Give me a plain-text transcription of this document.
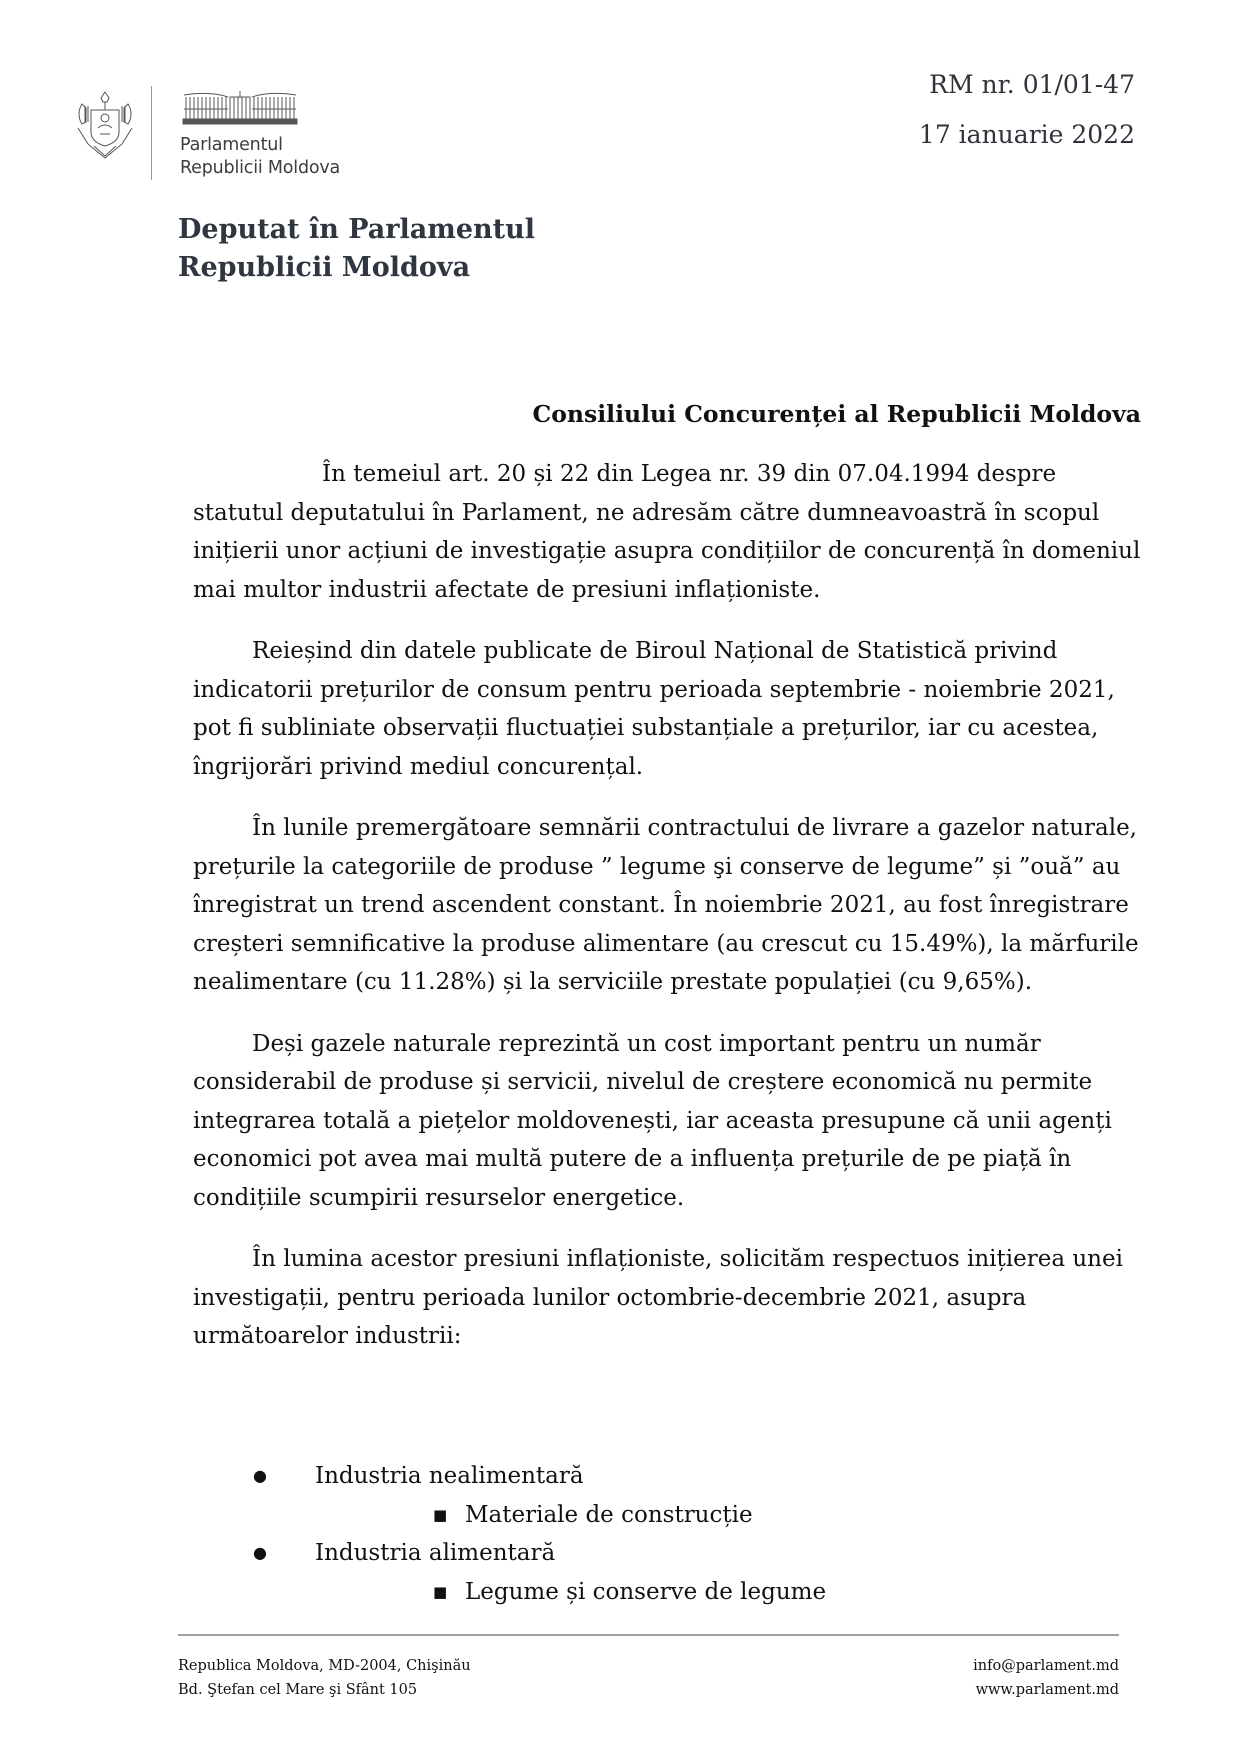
Parlamentul
Republicii Moldova
RM nr. 01/01-47
17 ianuarie 2022
Deputat în Parlamentul
Republicii Moldova
Consiliului Concurenței al Republicii Moldova

În temeiul art. 20 și 22 din Legea nr. 39 din 07.04.1994 despre statutul deputatului în Parlament, ne adresăm către dumneavoastră în scopul inițierii unor acțiuni de investigație asupra condițiilor de concurență în domeniul mai multor industrii afectate de presiuni inflaționiste.

Reieșind din datele publicate de Biroul Național de Statistică privind indicatorii prețurilor de consum pentru perioada septembrie - noiembrie 2021, pot fi subliniate observații fluctuației substanțiale a prețurilor, iar cu acestea, îngrijorări privind mediul concurențal.

În lunile premergătoare semnării contractului de livrare a gazelor naturale, prețurile la categoriile de produse ” legume şi conserve de legume” și ”ouă” au înregistrat un trend ascendent constant. În noiembrie 2021, au fost înregistrare creșteri semnificative la produse alimentare (au crescut cu 15.49%), la mărfurile nealimentare (cu 11.28%) și la serviciile prestate populației (cu 9,65%).

Deși gazele naturale reprezintă un cost important pentru un număr considerabil de produse și servicii, nivelul de creștere economică nu permite integrarea totală a piețelor moldovenești, iar aceasta presupune că unii agenți economici pot avea mai multă putere de a influența prețurile de pe piață în condițiile scumpirii resurselor energetice.

În lumina acestor presiuni inflaționiste, solicităm respectuos inițierea unei investigații, pentru perioada lunilor octombrie-decembrie 2021, asupra următoarelor industrii:

● Industria nealimentară
■ Materiale de construcție
● Industria alimentară
■ Legume și conserve de legume
Republica Moldova, MD-2004, Chişinău
Bd. Ştefan cel Mare şi Sfânt 105
info@parlament.md
www.parlament.md
